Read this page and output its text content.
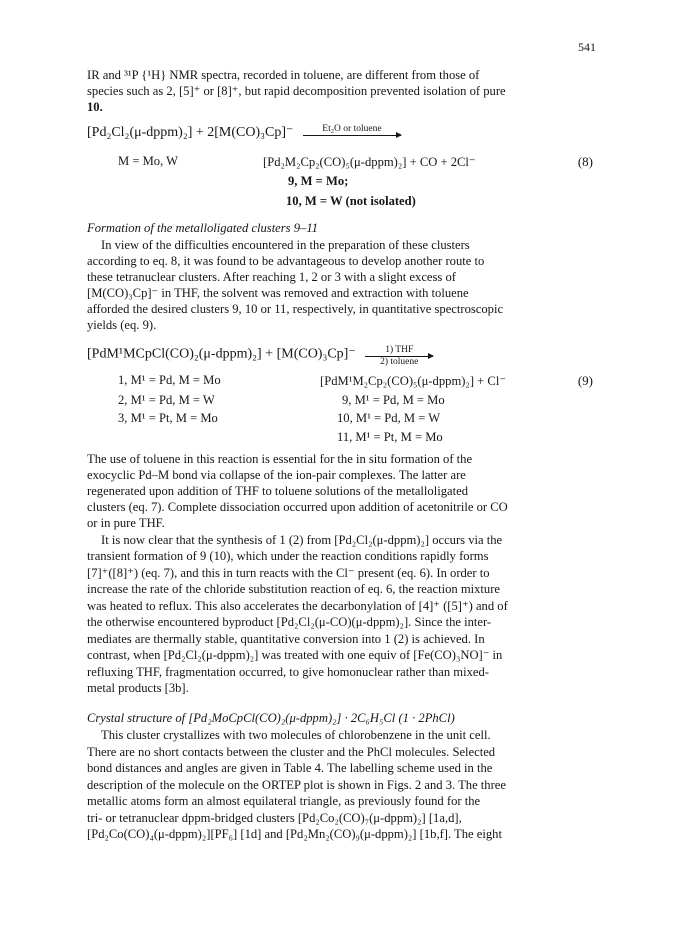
541
IR and ³¹P {¹H} NMR spectra, recorded in toluene, are different from those of
species such as 2, [5]⁺ or [8]⁺, but rapid decomposition prevented isolation of pure
10.
[Pd₂Cl₂(μ-dppm)₂] + 2[M(CO)₃Cp]⁻	Et₂O or toluene
M = Mo, W	[Pd₂M₂Cp₂(CO)₅(μ-dppm)₂] + CO + 2Cl⁻	(8)
9, M = Mo;
10, M = W (not isolated)
Formation of the metalloligated clusters 9–11
In view of the difficulties encountered in the preparation of these clusters
according to eq. 8, it was found to be advantageous to develop another route to
these tetranuclear clusters. After reaching 1, 2 or 3 with a slight excess of
[M(CO)₃Cp]⁻ in THF, the solvent was removed and extraction with toluene
afforded the desired clusters 9, 10 or 11, respectively, in quantitative spectroscopic
yields (eq. 9).
[PdM¹MCpCl(CO)₂(μ-dppm)₂] + [M(CO)₃Cp]⁻	1) THF
2) toluene
1, M¹ = Pd, M = Mo
2, M¹ = Pd, M = W
3, M¹ = Pt, M = Mo
[PdM¹M₂Cp₂(CO)₅(μ-dppm)₂] + Cl⁻	(9)
9, M¹ = Pd, M = Mo
10, M¹ = Pd, M = W
11, M¹ = Pt, M = Mo
The use of toluene in this reaction is essential for the in situ formation of the
exocyclic Pd–M bond via collapse of the ion-pair complexes. The latter are
regenerated upon addition of THF to toluene solutions of the metalloligated
clusters (eq. 7). Complete dissociation occurred upon addition of acetonitrile or CO
or in pure THF.
It is now clear that the synthesis of 1 (2) from [Pd₂Cl₂(μ-dppm)₂] occurs via the
transient formation of 9 (10), which under the reaction conditions rapidly forms
[7]⁺([8]⁺) (eq. 7), and this in turn reacts with the Cl⁻ present (eq. 6). In order to
increase the rate of the chloride substitution reaction of eq. 6, the reaction mixture
was heated to reflux. This also accelerates the decarbonylation of [4]⁺ ([5]⁺) and of
the otherwise encountered byproduct [Pd₂Cl₂(μ-CO)(μ-dppm)₂]. Since the inter-
mediates are thermally stable, quantitative conversion into 1 (2) is achieved. In
contrast, when [Pd₂Cl₂(μ-dppm)₂] was treated with one equiv of [Fe(CO)₃NO]⁻ in
refluxing THF, fragmentation occurred, to give homonuclear rather than mixed-
metal products [3b].
Crystal structure of [Pd₂MoCpCl(CO)₂(μ-dppm)₂] · 2C₆H₅Cl (1 · 2PhCl)
This cluster crystallizes with two molecules of chlorobenzene in the unit cell.
There are no short contacts between the cluster and the PhCl molecules. Selected
bond distances and angles are given in Table 4. The labelling scheme used in the
description of the molecule on the ORTEP plot is shown in Figs. 2 and 3. The three
metallic atoms form an almost equilateral triangle, as previously found for the
tri- or tetranuclear dppm-bridged clusters [Pd₂Co₂(CO)₇(μ-dppm)₂] [1a,d],
[Pd₂Co(CO)₄(μ-dppm)₂][PF₆] [1d] and [Pd₂Mn₂(CO)₉(μ-dppm)₂] [1b,f]. The eight
